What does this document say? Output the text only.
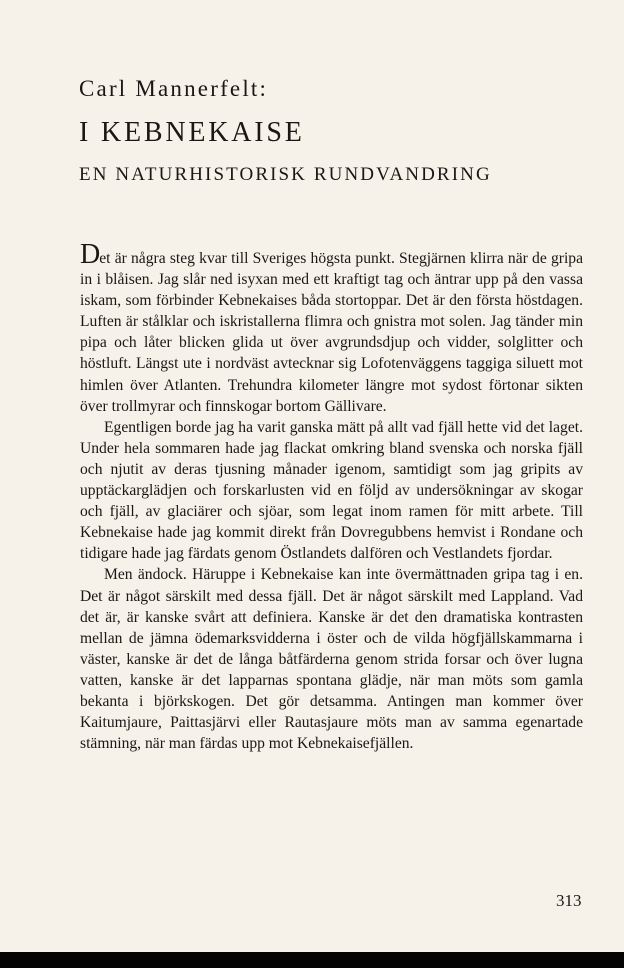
Carl Mannerfelt:
I KEBNEKAISE
EN NATURHISTORISK RUNDVANDRING

Det är några steg kvar till Sveriges högsta punkt. Stegjärnen klirra när de gripa in i blåisen. Jag slår ned isyxan med ett kraftigt tag och äntrar upp på den vassa iskam, som förbinder Kebnekaises båda stortoppar. Det är den första höstdagen. Luften är stålklar och iskristallerna flimra och gnistra mot solen. Jag tänder min pipa och låter blicken glida ut över avgrundsdjup och vidder, solglitter och höstluft. Längst ute i nordväst avtecknar sig Lofotenväggens taggiga siluett mot himlen över Atlanten. Trehundra kilometer längre mot sydost förtonar sikten över trollmyrar och finnskogar bortom Gällivare.

Egentligen borde jag ha varit ganska mätt på allt vad fjäll hette vid det laget. Under hela sommaren hade jag flackat omkring bland svenska och norska fjäll och njutit av deras tjusning månader igenom, samtidigt som jag gripits av upptäckarglädjen och forskarlusten vid en följd av undersökningar av skogar och fjäll, av glaciärer och sjöar, som legat inom ramen för mitt arbete. Till Kebnekaise hade jag kommit direkt från Dovregubbens hemvist i Rondane och tidigare hade jag färdats genom Östlandets dalfören och Vestlandets fjordar.

Men ändock. Häruppe i Kebnekaise kan inte övermättnaden gripa tag i en. Det är något särskilt med dessa fjäll. Det är något särskilt med Lappland. Vad det är, är kanske svårt att definiera. Kanske är det den dramatiska kontrasten mellan de jämna ödemarksvidderna i öster och de vilda högfjällskammarna i väster, kanske är det de långa båtfärderna genom strida forsar och över lugna vatten, kanske är det lapparnas spontana glädje, när man möts som gamla bekanta i björkskogen. Det gör detsamma. Antingen man kommer över Kaitumjaure, Paittasjärvi eller Rautasjaure möts man av samma egenartade stämning, när man färdas upp mot Kebnekaisefjällen.

313
